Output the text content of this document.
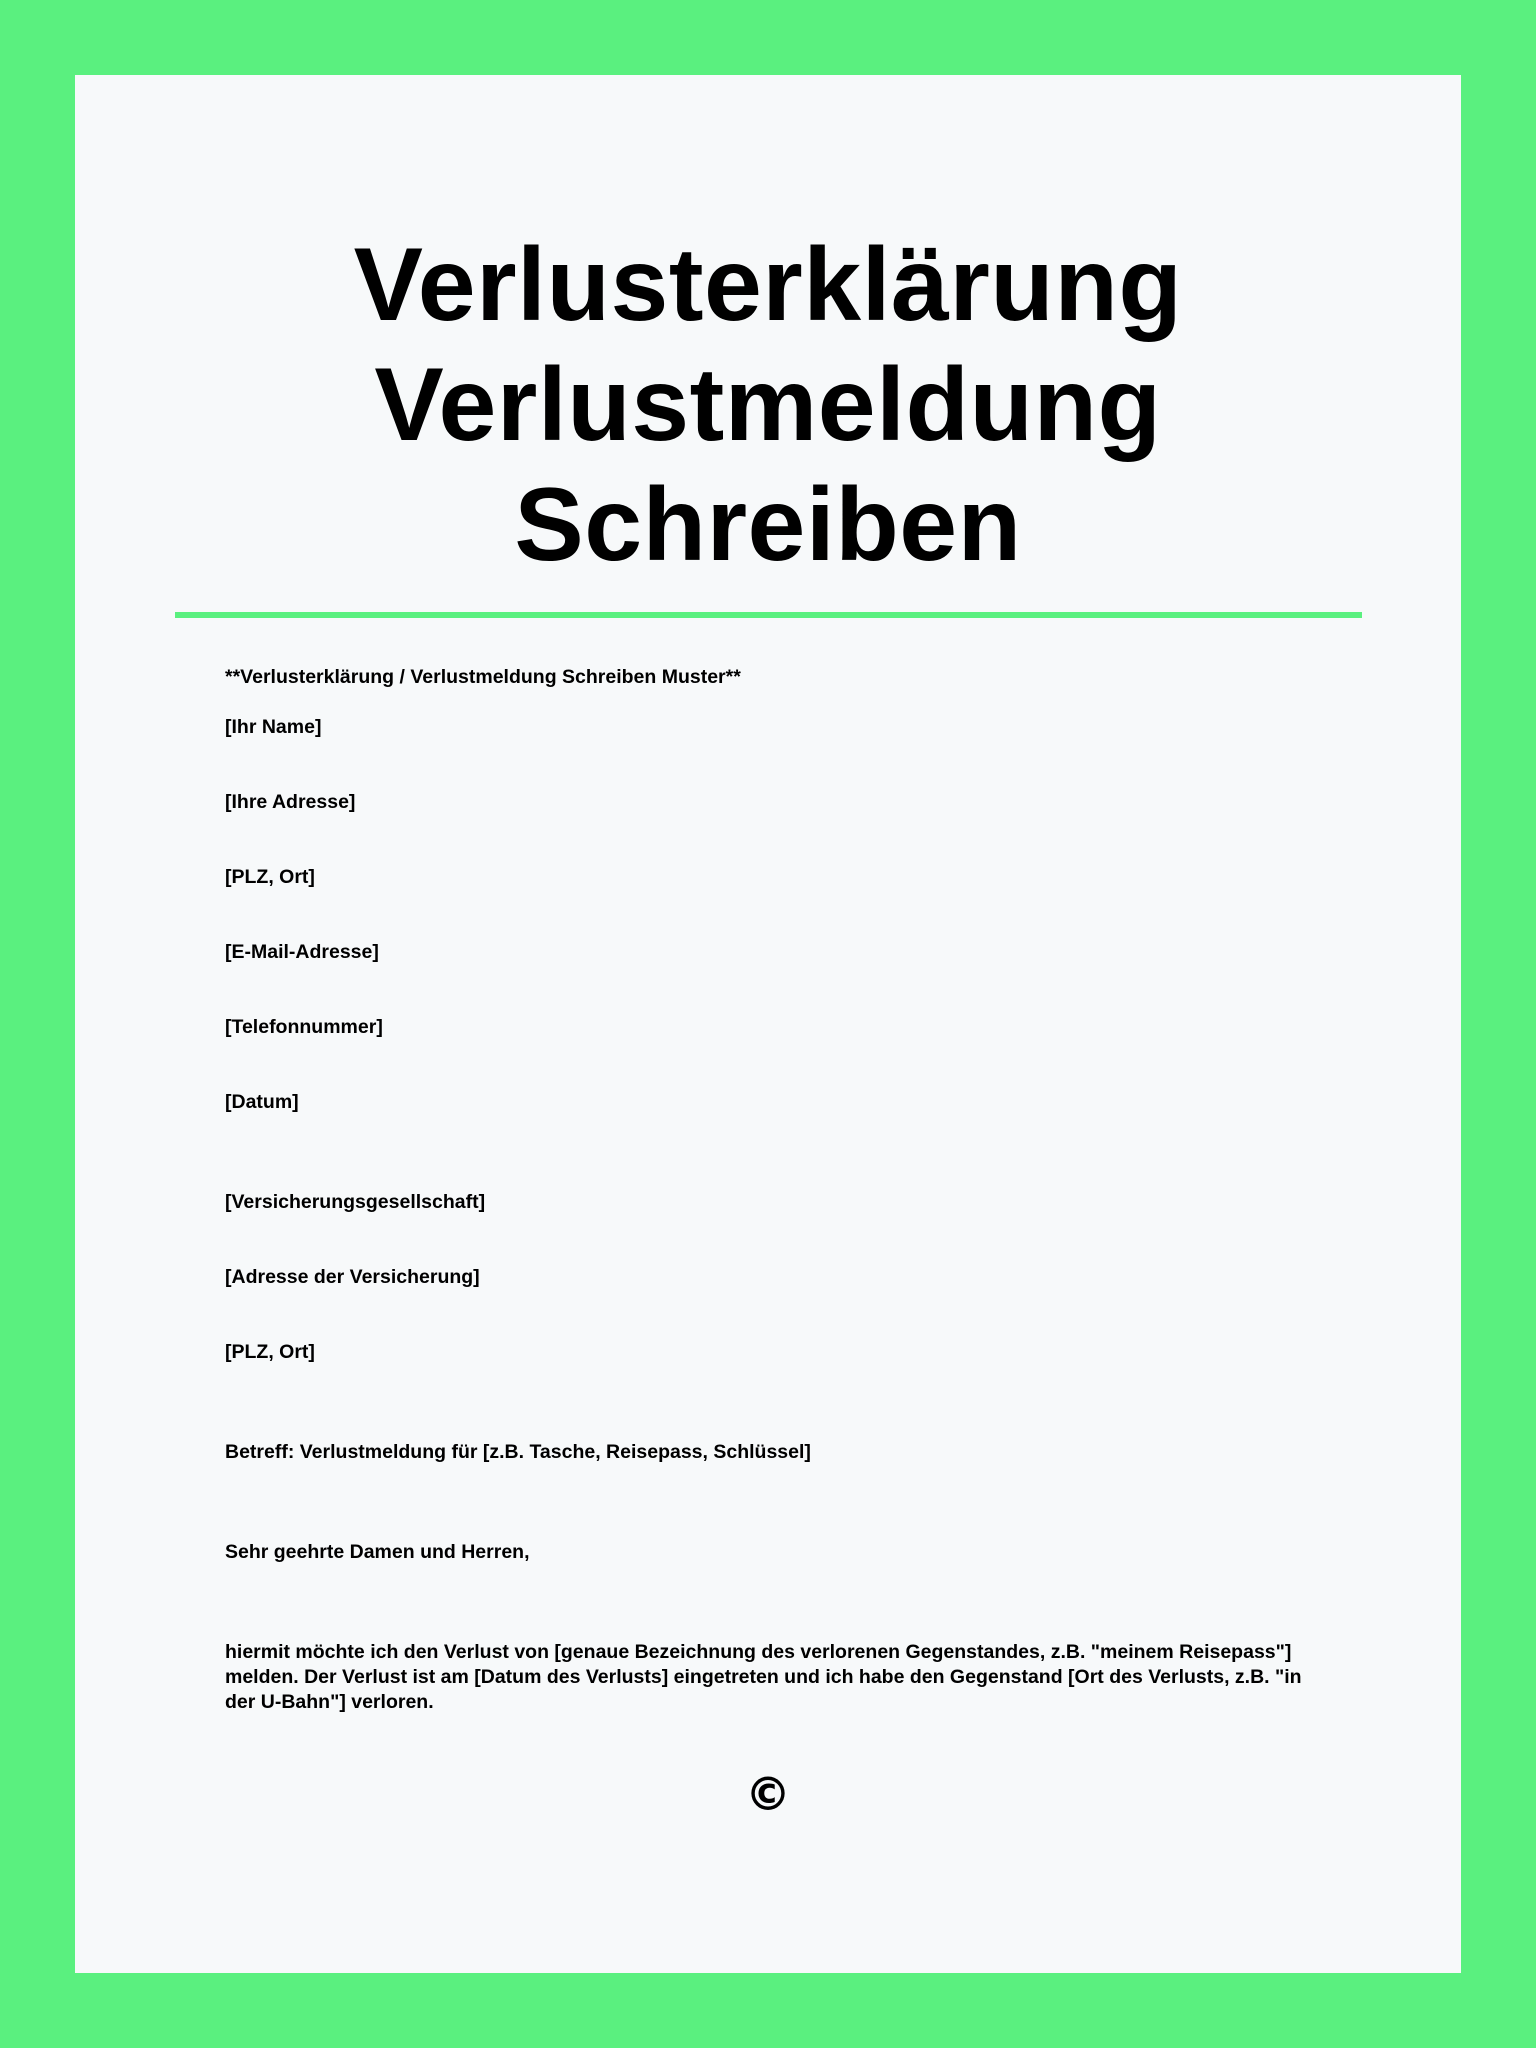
Verlusterklärung
Verlustmeldung
Schreiben
**Verlusterklärung / Verlustmeldung Schreiben Muster**
[Ihr Name]
[Ihre Adresse]
[PLZ, Ort]
[E-Mail-Adresse]
[Telefonnummer]
[Datum]
[Versicherungsgesellschaft]
[Adresse der Versicherung]
[PLZ, Ort]
Betreff: Verlustmeldung für [z.B. Tasche, Reisepass, Schlüssel]
Sehr geehrte Damen und Herren,
hiermit möchte ich den Verlust von [genaue Bezeichnung des verlorenen Gegenstandes, z.B. "meinem Reisepass"]
melden. Der Verlust ist am [Datum des Verlusts] eingetreten und ich habe den Gegenstand [Ort des Verlusts, z.B. "in
der U-Bahn"] verloren.
©
